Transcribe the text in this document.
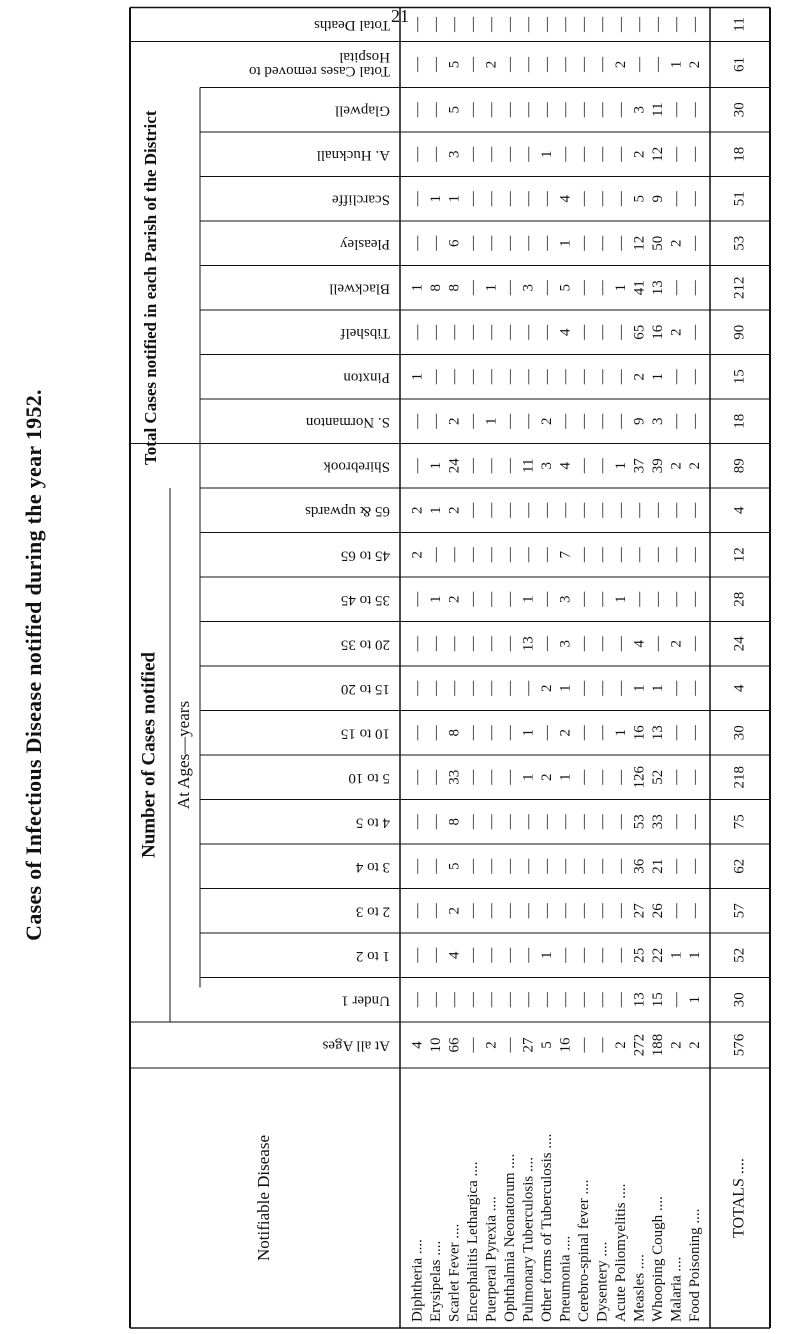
21
Cases of Infectious Disease notified during the year 1952.
Notifiable Disease
Number of Cases notified At Ages—years
Total Cases notified in each Parish of the District
At all Ages
Under 1
1 to 2
2 to 3
3 to 4
4 to 5
5 to 10
10 to 15
15 to 20
20 to 35
35 to 45
45 to 65
65 & upwards
Shirebrook
S. Normanton
Pinxton
Tibshelf
Blackwell
Pleasley
Scarcliffe
A. Hucknall
Glapwell
Total Cases removed to
Hospital
Total Deaths
Diphtheria ....
4
—
—
—
—
—
—
—
—
—
—
2
2
—
—
1
—
1
—
—
—
—
—
—
Erysipelas ....
10
—
—
—
—
—
—
—
—
—
1
—
1
1
—
—
—
8
—
1
—
—
—
—
Scarlet Fever ....
66
—
4
2
5
8
33
8
—
—
2
—
2
24
2
—
—
8
6
1
3
5
5
—
Encephalitis Lethargica ....
—
—
—
—
—
—
—
—
—
—
—
—
—
—
—
—
—
—
—
—
—
—
—
—
Puerperal Pyrexia ....
2
—
—
—
—
—
—
—
—
—
—
—
—
—
1
—
—
1
—
—
—
—
2
—
Ophthalmia Neonatorum ....
—
—
—
—
—
—
—
—
—
—
—
—
—
—
—
—
—
—
—
—
—
—
—
—
Pulmonary Tuberculosis ....
27
—
—
—
—
—
1
1
—
13
1
—
—
11
—
—
—
3
—
—
—
—
—
—
Other forms of Tuberculosis ....
5
—
1
—
—
—
2
—
2
—
—
—
—
3
2
—
—
—
—
—
1
—
—
—
Pneumonia ....
16
—
—
—
—
—
1
2
1
3
3
7
—
4
—
—
4
5
1
4
—
—
—
—
Cerebro-spinal fever ....
—
—
—
—
—
—
—
—
—
—
—
—
—
—
—
—
—
—
—
—
—
—
—
—
Dysentery ....
—
—
—
—
—
—
—
—
—
—
—
—
—
—
—
—
—
—
—
—
—
—
—
—
Acute Poliomyelitis ....
2
—
—
—
—
—
—
1
—
—
1
—
—
1
—
—
—
1
—
—
—
—
2
—
Measles ....
272
13
25
27
36
53
126
16
1
4
—
—
—
37
9
2
65
41
12
5
2
3
—
—
Whooping Cough ....
188
15
22
26
21
33
52
13
1
—
—
—
—
39
3
1
16
13
50
9
12
11
—
—
Malaria ....
2
—
1
—
—
—
—
—
—
2
—
—
—
2
—
—
2
—
2
—
—
—
1
—
Food Poisoning ....
2
1
1
—
—
—
—
—
—
—
—
—
—
2
—
—
—
—
—
—
—
—
2
—
TOTALS ....
576
30
52
57
62
75
218
30
4
24
28
12
4
89
18
15
90
212
53
51
18
30
61
11
